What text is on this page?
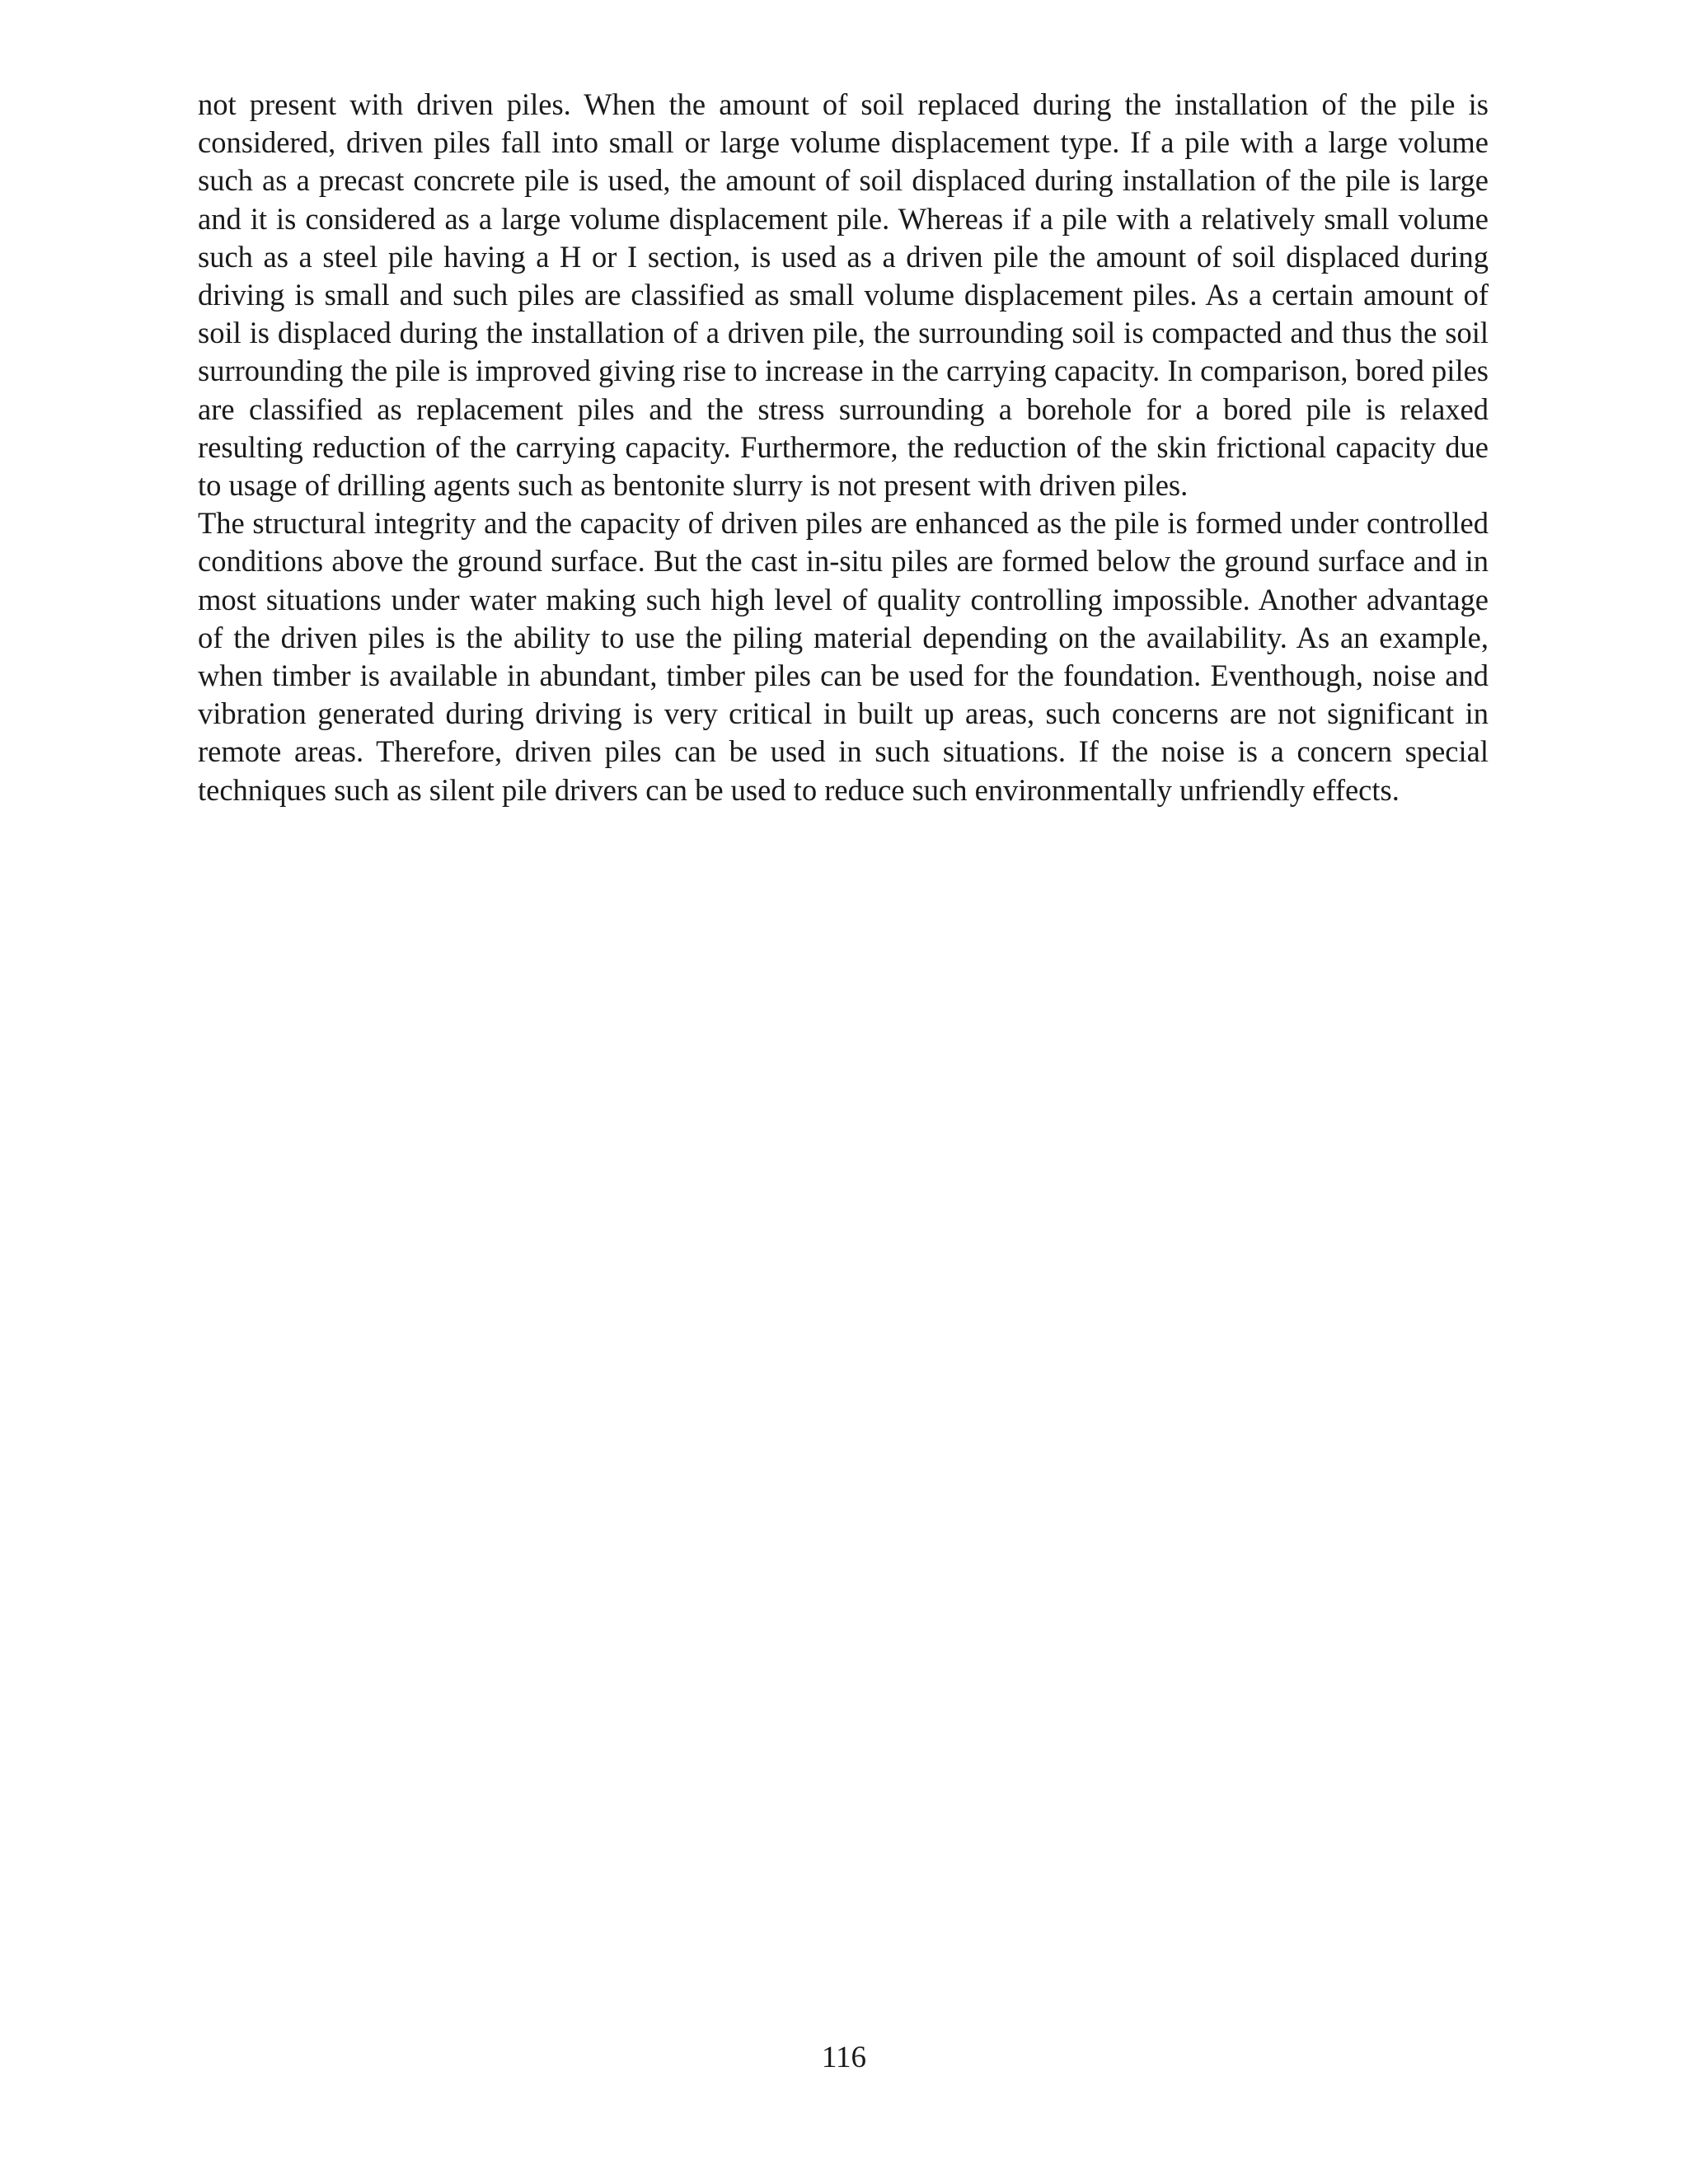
not present with driven piles. When the amount of soil replaced during the installation of the pile is considered, driven piles fall into small or large volume displacement type. If a pile with a large volume such as a precast concrete pile is used, the amount of soil displaced during installation of the pile is large and it is considered as a large volume displacement pile. Whereas if a pile with a relatively small volume such as a steel pile having a H or I section, is used as a driven pile the amount of soil displaced during driving is small and such piles are classified as small volume displacement piles. As a certain amount of soil is displaced during the installation of a driven pile, the surrounding soil is compacted and thus the soil surrounding the pile is improved giving rise to increase in the carrying capacity. In comparison, bored piles are classified as replacement piles and the stress surrounding a borehole for a bored pile is relaxed resulting reduction of the carrying capacity. Furthermore, the reduction of the skin frictional capacity due to usage of drilling agents such as bentonite slurry is not present with driven piles.

The structural integrity and the capacity of driven piles are enhanced as the pile is formed under controlled conditions above the ground surface. But the cast in-situ piles are formed below the ground surface and in most situations under water making such high level of quality controlling impossible. Another advantage of the driven piles is the ability to use the piling material depending on the availability. As an example, when timber is available in abundant, timber piles can be used for the foundation. Eventhough, noise and vibration generated during driving is very critical in built up areas, such concerns are not significant in remote areas. Therefore, driven piles can be used in such situations. If the noise is a concern special techniques such as silent pile drivers can be used to reduce such environmentally unfriendly effects.

116
